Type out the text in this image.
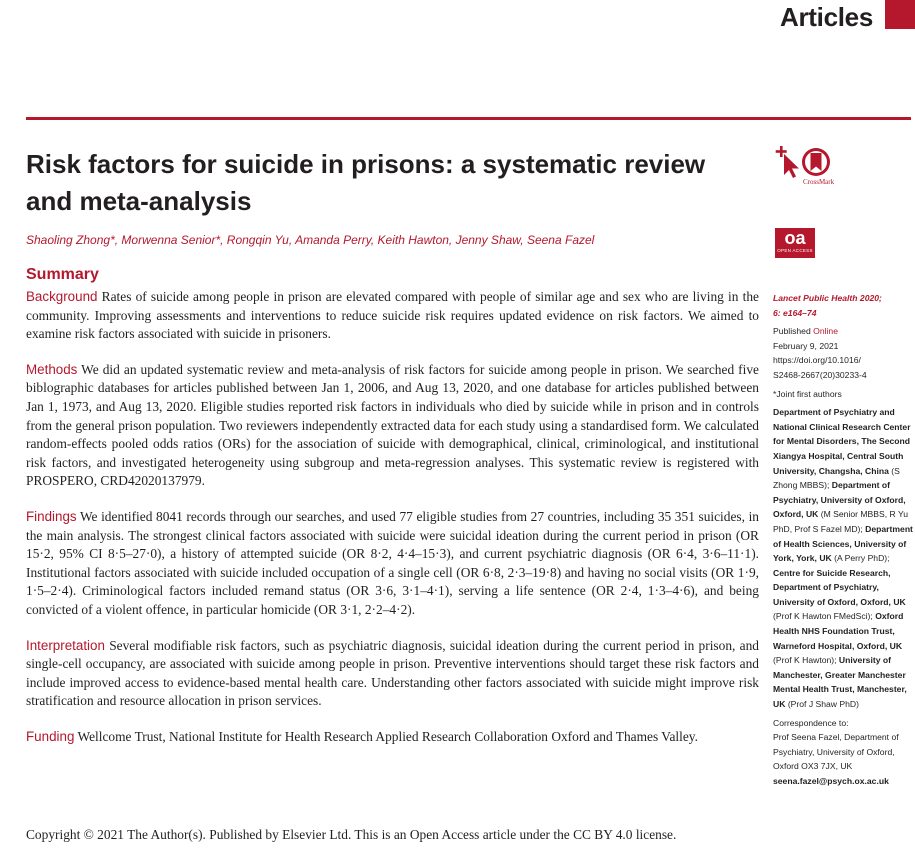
Articles
Risk factors for suicide in prisons: a systematic review and meta-analysis
Shaoling Zhong*, Morwenna Senior*, Rongqin Yu, Amanda Perry, Keith Hawton, Jenny Shaw, Seena Fazel
Summary

Background Rates of suicide among people in prison are elevated compared with people of similar age and sex who are living in the community. Improving assessments and interventions to reduce suicide risk requires updated evidence on risk factors. We aimed to examine risk factors associated with suicide in prisoners.

Methods We did an updated systematic review and meta-analysis of risk factors for suicide among people in prison. We searched five biblographic databases for articles published between Jan 1, 2006, and Aug 13, 2020, and one database for articles published between Jan 1, 1973, and Aug 13, 2020. Eligible studies reported risk factors in individuals who died by suicide while in prison and in controls from the general prison population. Two reviewers independently extracted data for each study using a standardised form. We calculated random-effects pooled odds ratios (ORs) for the association of suicide with demographical, clinical, criminological, and institutional risk factors, and investigated heterogeneity using subgroup and meta-regression analyses. This systematic review is registered with PROSPERO, CRD42020137979.

Findings We identified 8041 records through our searches, and used 77 eligible studies from 27 countries, including 35 351 suicides, in the main analysis. The strongest clinical factors associated with suicide were suicidal ideation during the current period in prison (OR 15·2, 95% CI 8·5–27·0), a history of attempted suicide (OR 8·2, 4·4–15·3), and current psychiatric diagnosis (OR 6·4, 3·6–11·1). Institutional factors associated with suicide included occupation of a single cell (OR 6·8, 2·3–19·8) and having no social visits (OR 1·9, 1·5–2·4). Criminological factors included remand status (OR 3·6, 3·1–4·1), serving a life sentence (OR 2·4, 1·3–4·6), and being convicted of a violent offence, in particular homicide (OR 3·1, 2·2–4·2).

Interpretation Several modifiable risk factors, such as psychiatric diagnosis, suicidal ideation during the current period in prison, and single-cell occupancy, are associated with suicide among people in prison. Preventive interventions should target these risk factors and include improved access to evidence-based mental health care. Understanding other factors associated with suicide might improve risk stratification and resource allocation in prison services.

Funding Wellcome Trust, National Institute for Health Research Applied Research Collaboration Oxford and Thames Valley.

Copyright © 2021 The Author(s). Published by Elsevier Ltd. This is an Open Access article under the CC BY 4.0 license.
CrossMark
oa
OPEN ACCESS
Lancet Public Health 2020;
6: e164–74
Published Online
February 9, 2021
https://doi.org/10.1016/
S2468-2667(20)30233-4
*Joint first authors
Department of Psychiatry and National Clinical Research Center for Mental Disorders, The Second Xiangya Hospital, Central South University, Changsha, China (S Zhong MBBS); Department of Psychiatry, University of Oxford, Oxford, UK (M Senior MBBS, R Yu PhD, Prof S Fazel MD); Department of Health Sciences, University of York, York, UK (A Perry PhD); Centre for Suicide Research, Department of Psychiatry, University of Oxford, Oxford, UK (Prof K Hawton FMedSci); Oxford Health NHS Foundation Trust, Warneford Hospital, Oxford, UK (Prof K Hawton); University of Manchester, Greater Manchester Mental Health Trust, Manchester, UK (Prof J Shaw PhD)
Correspondence to:
Prof Seena Fazel, Department of Psychiatry, University of Oxford, Oxford OX3 7JX, UK
seena.fazel@psych.ox.ac.uk
